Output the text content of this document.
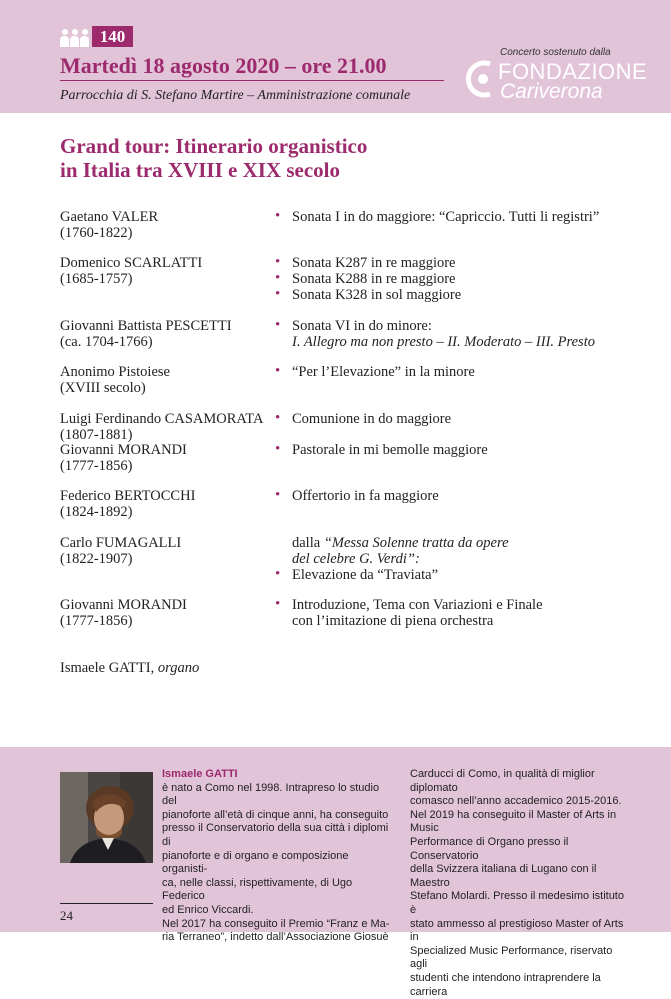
140
Martedì 18 agosto 2020 – ore 21.00
Parrocchia di S. Stefano Martire – Amministrazione comunale
Concerto sostenuto dalla
FONDAZIONE
Cariverona
Grand tour: Itinerario organistico
in Italia tra XVIII e XIX secolo
Gaetano VALER
(1760-1822)
• Sonata I in do maggiore: “Capriccio. Tutti li registri”
Domenico SCARLATTI
(1685-1757)
• Sonata K287 in re maggiore
• Sonata K288 in re maggiore
• Sonata K328 in sol maggiore
Giovanni Battista PESCETTI
(ca. 1704-1766)
• Sonata VI in do minore:
I. Allegro ma non presto – II. Moderato – III. Presto
Anonimo Pistoiese
(XVIII secolo)
• “Per l’Elevazione” in la minore
Luigi Ferdinando CASAMORATA
(1807-1881)
• Comunione in do maggiore
Giovanni MORANDI
(1777-1856)
• Pastorale in mi bemolle maggiore
Federico BERTOCCHI
(1824-1892)
• Offertorio in fa maggiore
Carlo FUMAGALLI
(1822-1907)
dalla “Messa Solenne tratta da opere
del celebre G. Verdi”:
• Elevazione da “Traviata”
Giovanni MORANDI
(1777-1856)
• Introduzione, Tema con Variazioni e Finale
con l’imitazione di piena orchestra
Ismaele GATTI, organo

Ismaele GATTI

è nato a Como nel 1998. Intrapreso lo studio del

pianoforte all’età di cinque anni, ha conseguito

presso il Conservatorio della sua città i diplomi di

pianoforte e di organo e composizione organisti-

ca, nelle classi, rispettivamente, di Ugo Federico

ed Enrico Viccardi.

Nel 2017 ha conseguito il Premio “Franz e Ma-

ria Terraneo”, indetto dall’Associazione Giosuè

Carducci di Como, in qualità di miglior diplomato

comasco nell’anno accademico 2015-2016.

Nel 2019 ha conseguito il Master of Arts in Music

Performance di Organo presso il Conservatorio

della Svizzera italiana di Lugano con il Maestro

Stefano Molardi. Presso il medesimo istituto è

stato ammesso al prestigioso Master of Arts in

Specialized Music Performance, riservato agli

studenti che intendono intraprendere la carriera

24
